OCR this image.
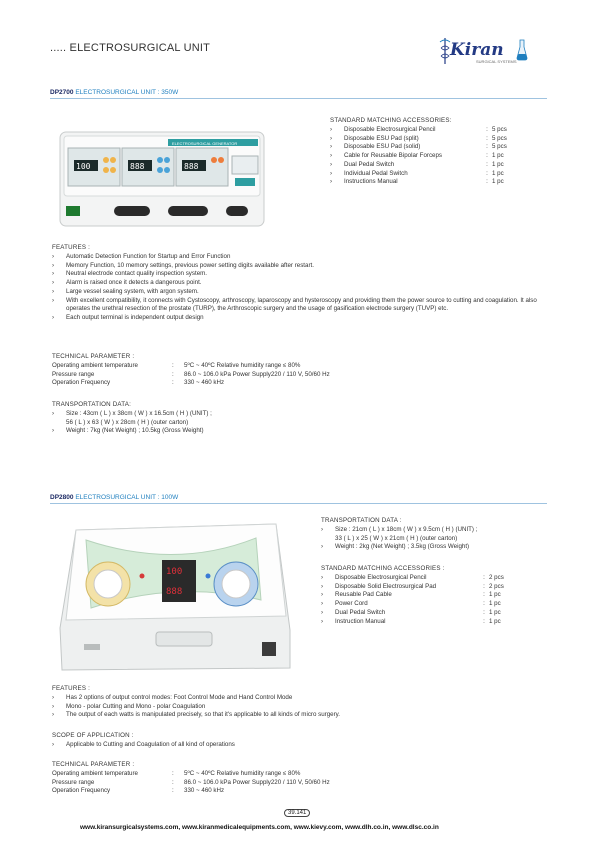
..... ELECTROSURGICAL UNIT	Kiran
SURGICAL SYSTEMS
DP2700 ELECTROSURGICAL UNIT : 350W
ELECTROSURGICAL GENERATOR
100	888	888
STANDARD MATCHING ACCESSORIES:
› Disposable Electrosurgical Pencil	: 5 pcs
› Disposable ESU Pad (split)	: 5 pcs
› Disposable ESU Pad (solid)	: 5 pcs
› Cable for Reusable Bipolar Forceps	: 1 pc
› Dual Pedal Switch	: 1 pc
› Individual Pedal Switch	: 1 pc
› Instructions Manual	: 1 pc
FEATURES :
› Automatic Detection Function for Startup and Error Function
› Memory Function, 10 memory settings, previous power setting digits available after restart.
› Neutral electrode contact quality inspection system.
› Alarm is raised once it detects a dangerous point.
› Large vessel sealing system, with argon system.
› With excellent compatibility, it connects with Cystoscopy, arthroscopy, laparoscopy and hysteroscopy and providing them the power source to cutting and coagulation. It also operates the urethral resection of the prostate (TURP), the Arthroscopic surgery and the usage of gasification electrode surgery (TUVP) etc.
› Each output terminal is independent output design
TECHNICAL PARAMETER :
Operating ambient temperature	:	5ºC ~ 40ºC Relative humidity range ≤ 80%
Pressure range	:	86.0 ~ 106.0 kPa Power Supply220 / 110 V, 50/60 Hz
Operation Frequency	:	330 ~ 460 kHz
TRANSPORTATION DATA:
› Size : 43cm ( L ) x 38cm ( W ) x 16.5cm ( H ) (UNIT) ;
56 ( L ) x 63 ( W ) x 28cm ( H ) (outer carton)
› Weight : 7kg (Net Weight) ; 10.5kg (Gross Weight)
DP2800 ELECTROSURGICAL UNIT : 100W
100
888
TRANSPORTATION DATA :
› Size : 21cm ( L ) x 18cm ( W ) x 9.5cm ( H ) (UNIT) ;
33 ( L ) x 25 ( W ) x 21cm ( H ) (outer carton)
› Weight : 2kg (Net Weight) ; 3.5kg (Gross Weight)
STANDARD MATCHING ACCESSORIES :
› Disposable Electrosurgical Pencil	: 2 pcs
› Disposable Solid Electrosurgical Pad	: 2 pcs
› Reusable Pad Cable	: 1 pc
› Power Cord	: 1 pc
› Dual Pedal Switch	: 1 pc
› Instruction Manual	: 1 pc
FEATURES :
› Has 2 options of output control modes: Foot Control Mode and Hand Control Mode
› Mono - polar Cutting and Mono - polar Coagulation
› The output of each watts is manipulated precisely, so that it's applicable to all kinds of micro surgery.
SCOPE OF APPLICATION :
› Applicable to Cutting and Coagulation of all kind of operations
TECHNICAL PARAMETER :
Operating ambient temperature	:	5ºC ~ 40ºC Relative humidity range ≤ 80%
Pressure range	:	86.0 ~ 106.0 kPa Power Supply220 / 110 V, 50/60 Hz
Operation Frequency	:	330 ~ 460 kHz
39.141
www.kiransurgicalsystems.com, www.kiranmedicalequipments.com, www.kievy.com, www.dlh.co.in, www.dlsc.co.in
